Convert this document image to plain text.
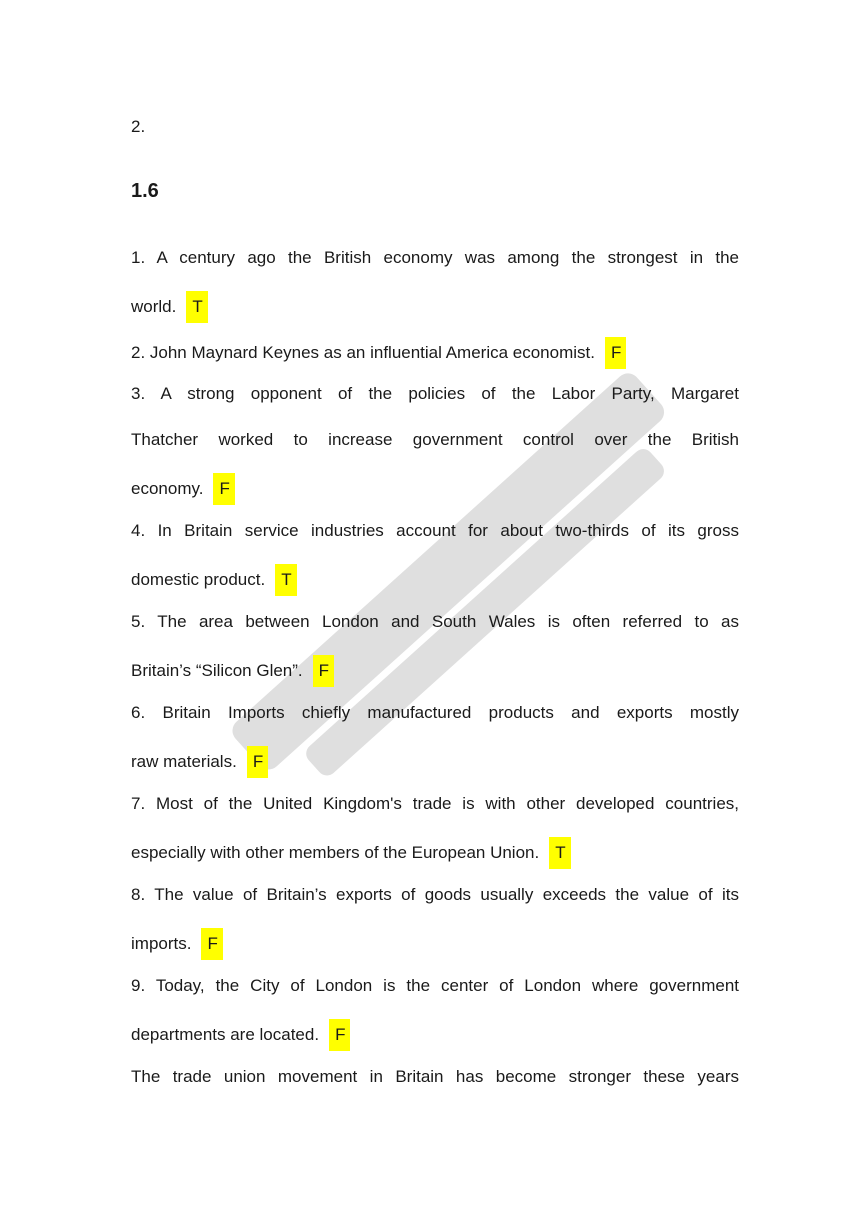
2.
1.6
1. A century ago the British economy was among the strongest in the
world. T
2. John Maynard Keynes as an influential America economist. F
3. A strong opponent of the policies of the Labor Party, Margaret
Thatcher worked to increase government control over the British
economy. F
4. In Britain service industries account for about two-thirds of its gross
domestic product. T
5. The area between London and South Wales is often referred to as
Britain’s “Silicon Glen”. F
6. Britain Imports chiefly manufactured products and exports mostly
raw materials. F
7. Most of the United Kingdom's trade is with other developed countries,
especially with other members of the European Union. T
8. The value of Britain’s exports of goods usually exceeds the value of its
imports. F
9. Today, the City of London is the center of London where government
departments are located. F
The trade union movement in Britain has become stronger these years
